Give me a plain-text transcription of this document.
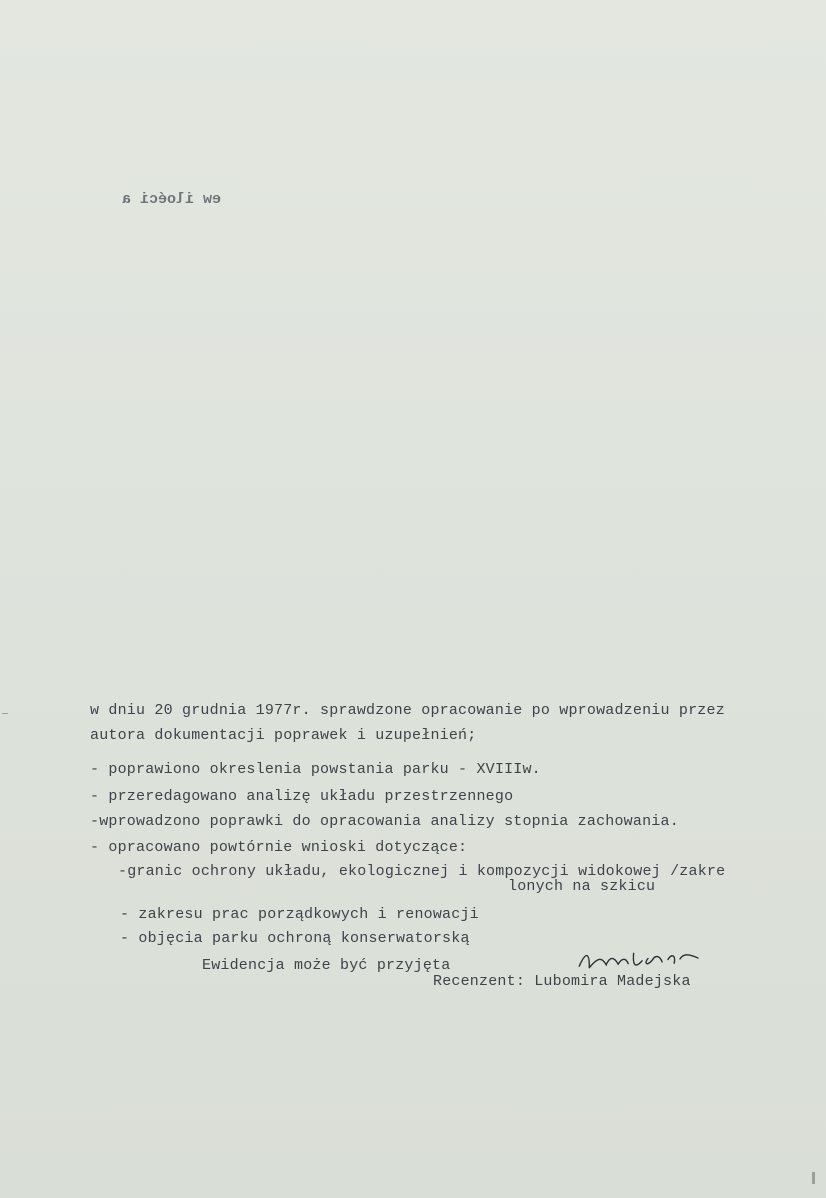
ew iloéci a
w dniu 20 grudnia 1977r. sprawdzone opracowanie po wprowadzeniu przez
autora dokumentacji poprawek i uzupełnień;
- poprawiono okreslenia powstania parku - XVIIIw.
- przeredagowano analizę układu przestrzennego
-wprowadzono poprawki do opracowania analizy stopnia zachowania.
- opracowano powtórnie wnioski dotyczące:
-granic ochrony układu, ekologicznej i kompozycji widokowej /zakre
lonych na szkicu
- zakresu prac porządkowych i renowacji
- objęcia parku ochroną konserwatorską
Ewidencja może być przyjęta
Recenzent: Lubomira Madejska
